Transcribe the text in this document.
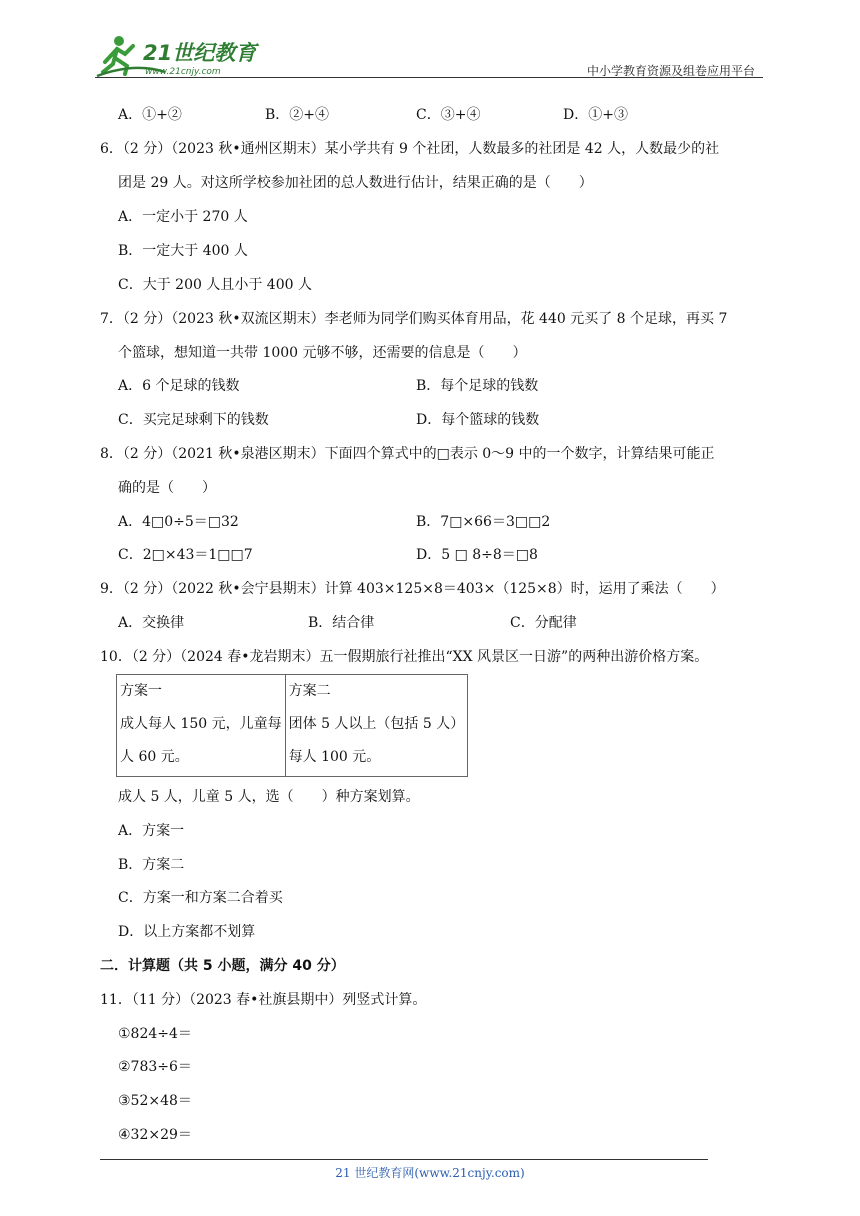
21世纪教育
www.21cnjy.com	中小学教育资源及组卷应用平台
A．①+②	B．②+④	C．③+④	D．①+③
6．（2 分）（2023 秋•通州区期末）某小学共有 9 个社团，人数最多的社团是 42 人，人数最少的社
团是 29 人。对这所学校参加社团的总人数进行估计，结果正确的是（　　）
A．一定小于 270 人
B．一定大于 400 人
C．大于 200 人且小于 400 人
7．（2 分）（2023 秋•双流区期末）李老师为同学们购买体育用品，花 440 元买了 8 个足球，再买 7
个篮球，想知道一共带 1000 元够不够，还需要的信息是（　　）
A．6 个足球的钱数	B．每个足球的钱数
C．买完足球剩下的钱数	D．每个篮球的钱数
8．（2 分）（2021 秋•泉港区期末）下面四个算式中的□表示 0～9 中的一个数字，计算结果可能正
确的是（　　）
A．4□0÷5＝□32	B．7□×66＝3□□2
C．2□×43＝1□□7	D．5 □ 8÷8＝□8
9．（2 分）（2022 秋•会宁县期末）计算 403×125×8＝403×（125×8）时，运用了乘法（　　）
A．交换律	B．结合律	C．分配律
10．（2 分）（2024 春•龙岩期末）五一假期旅行社推出“XX 风景区一日游”的两种出游价格方案。
方案一
成人每人 150 元，儿童每
人 60 元。

方案二
团体 5 人以上（包括 5 人）
每人 100 元。
成人 5 人，儿童 5 人，选（　　）种方案划算。
A．方案一
B．方案二
C．方案一和方案二合着买
D．以上方案都不划算
二．计算题（共 5 小题，满分 40 分）
11．（11 分）（2023 春•社旗县期中）列竖式计算。
①824÷4＝
②783÷6＝
③52×48＝
④32×29＝
21 世纪教育网(www.21cnjy.com)
